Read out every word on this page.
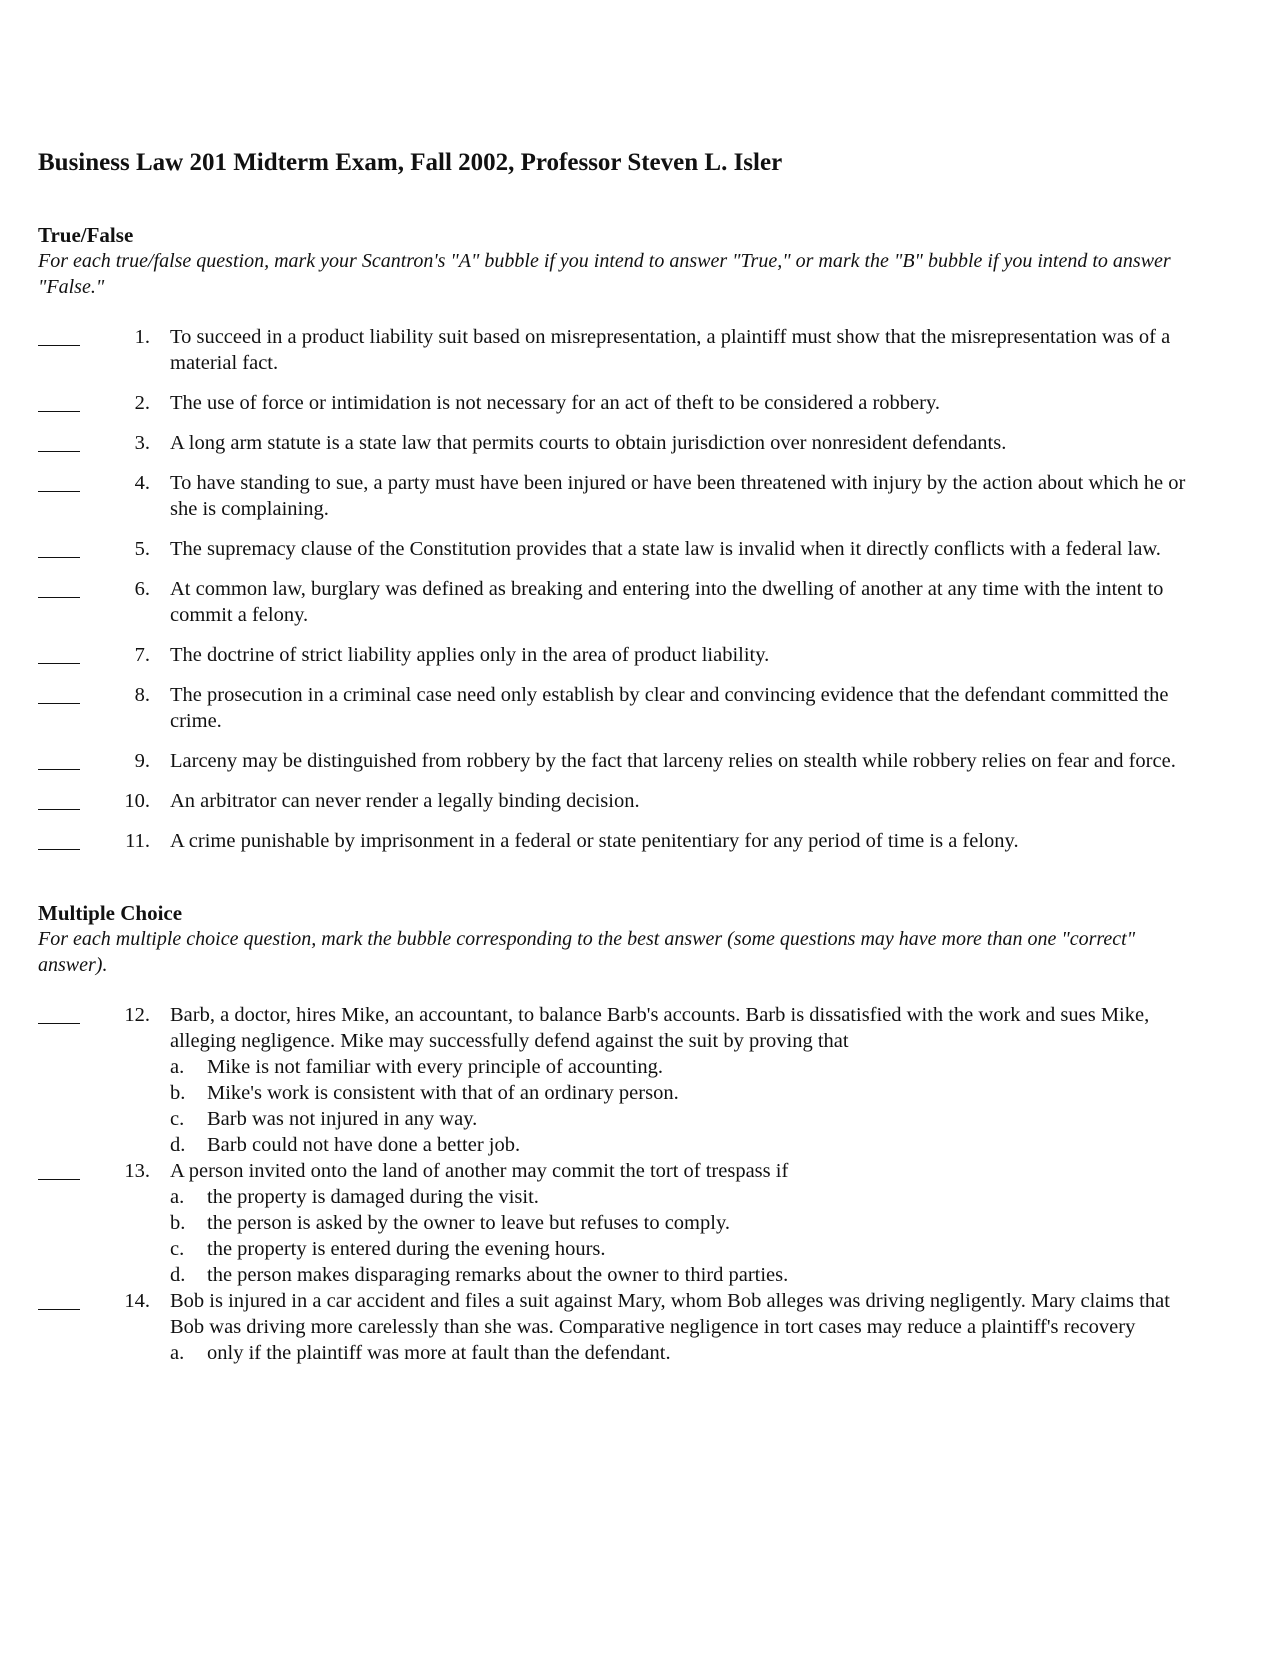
Business Law 201 Midterm Exam, Fall 2002, Professor Steven L. Isler
True/False
For each true/false question, mark your Scantron's "A" bubble if you intend to answer "True," or mark the "B" bubble if you intend to answer "False."
1. To succeed in a product liability suit based on misrepresentation, a plaintiff must show that the misrepresentation was of a material fact.
2. The use of force or intimidation is not necessary for an act of theft to be considered a robbery.
3. A long arm statute is a state law that permits courts to obtain jurisdiction over nonresident defendants.
4. To have standing to sue, a party must have been injured or have been threatened with injury by the action about which he or she is complaining.
5. The supremacy clause of the Constitution provides that a state law is invalid when it directly conflicts with a federal law.
6. At common law, burglary was defined as breaking and entering into the dwelling of another at any time with the intent to commit a felony.
7. The doctrine of strict liability applies only in the area of product liability.
8. The prosecution in a criminal case need only establish by clear and convincing evidence that the defendant committed the crime.
9. Larceny may be distinguished from robbery by the fact that larceny relies on stealth while robbery relies on fear and force.
10. An arbitrator can never render a legally binding decision.
11. A crime punishable by imprisonment in a federal or state penitentiary for any period of time is a felony.
Multiple Choice
For each multiple choice question, mark the bubble corresponding to the best answer (some questions may have more than one "correct" answer).
12. Barb, a doctor, hires Mike, an accountant, to balance Barb's accounts. Barb is dissatisfied with the work and sues Mike, alleging negligence. Mike may successfully defend against the suit by proving that
a.	Mike is not familiar with every principle of accounting.
b.	Mike's work is consistent with that of an ordinary person.
c.	Barb was not injured in any way.
d.	Barb could not have done a better job.
13. A person invited onto the land of another may commit the tort of trespass if
a.	the property is damaged during the visit.
b.	the person is asked by the owner to leave but refuses to comply.
c.	the property is entered during the evening hours.
d.	the person makes disparaging remarks about the owner to third parties.
14. Bob is injured in a car accident and files a suit against Mary, whom Bob alleges was driving negligently. Mary claims that Bob was driving more carelessly than she was. Comparative negligence in tort cases may reduce a plaintiff's recovery
a.	only if the plaintiff was more at fault than the defendant.
